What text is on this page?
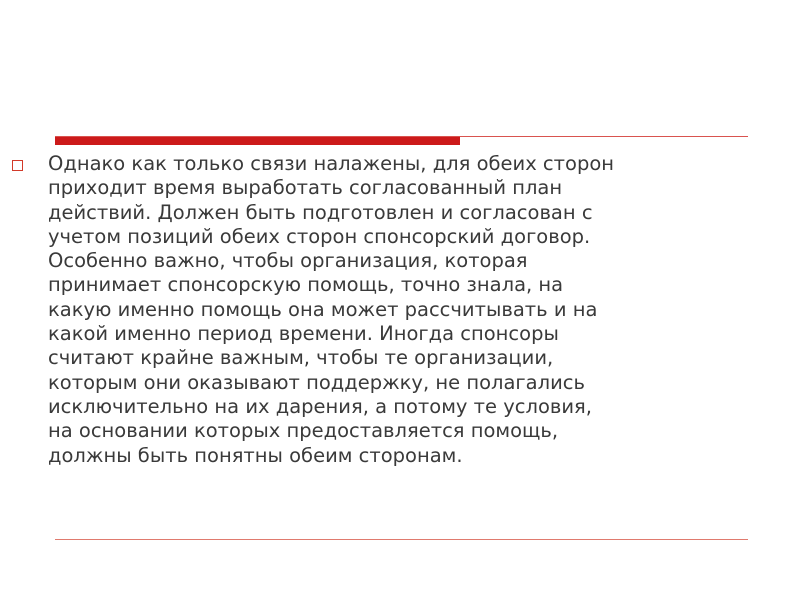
Однако как только связи налажены, для обеих сторон
приходит время выработать согласованный план
действий. Должен быть подготовлен и согласован с
учетом позиций обеих сторон спонсорский договор.
Особенно важно, чтобы организация, которая
принимает спонсорскую помощь, точно знала, на
какую именно помощь она может рассчитывать и на
какой именно период времени. Иногда спонсоры
считают крайне важным, чтобы те организации,
которым они оказывают поддержку, не полагались
исключительно на их дарения, а потому те условия,
на основании которых предоставляется помощь,
должны быть понятны обеим сторонам.
